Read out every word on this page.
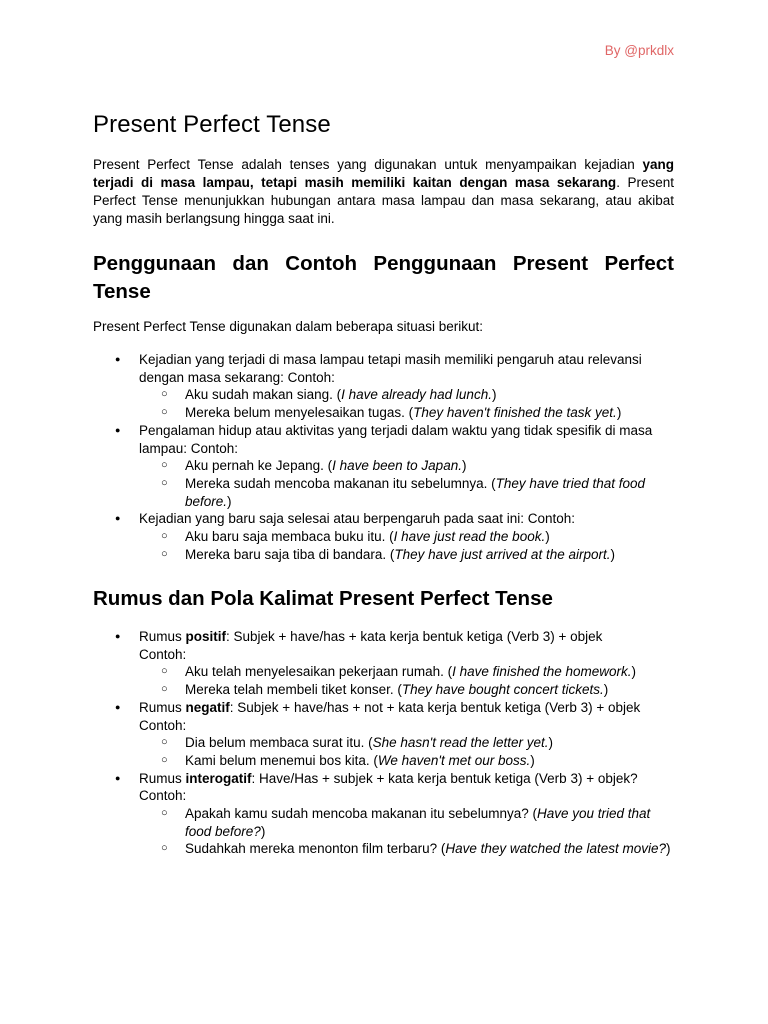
By @prkdlx
Present Perfect Tense

Present Perfect Tense adalah tenses yang digunakan untuk menyampaikan kejadian yang terjadi di masa lampau, tetapi masih memiliki kaitan dengan masa sekarang. Present Perfect Tense menunjukkan hubungan antara masa lampau dan masa sekarang, atau akibat yang masih berlangsung hingga saat ini.

Penggunaan dan Contoh Penggunaan Present Perfect Tense

Present Perfect Tense digunakan dalam beberapa situasi berikut:

● Kejadian yang terjadi di masa lampau tetapi masih memiliki pengaruh atau relevansi dengan masa sekarang: Contoh:
○ Aku sudah makan siang. (I have already had lunch.)
○ Mereka belum menyelesaikan tugas. (They haven't finished the task yet.)
● Pengalaman hidup atau aktivitas yang terjadi dalam waktu yang tidak spesifik di masa lampau: Contoh:
○ Aku pernah ke Jepang. (I have been to Japan.)
○ Mereka sudah mencoba makanan itu sebelumnya. (They have tried that food before.)
● Kejadian yang baru saja selesai atau berpengaruh pada saat ini: Contoh:
○ Aku baru saja membaca buku itu. (I have just read the book.)
○ Mereka baru saja tiba di bandara. (They have just arrived at the airport.)
Rumus dan Pola Kalimat Present Perfect Tense
● Rumus positif: Subjek + have/has + kata kerja bentuk ketiga (Verb 3) + objek
Contoh:
○ Aku telah menyelesaikan pekerjaan rumah. (I have finished the homework.)
○ Mereka telah membeli tiket konser. (They have bought concert tickets.)
● Rumus negatif: Subjek + have/has + not + kata kerja bentuk ketiga (Verb 3) + objek
Contoh:
○ Dia belum membaca surat itu. (She hasn't read the letter yet.)
○ Kami belum menemui bos kita. (We haven't met our boss.)
● Rumus interogatif: Have/Has + subjek + kata kerja bentuk ketiga (Verb 3) + objek?
Contoh:
○ Apakah kamu sudah mencoba makanan itu sebelumnya? (Have you tried that food before?)
○ Sudahkah mereka menonton film terbaru? (Have they watched the latest movie?)
